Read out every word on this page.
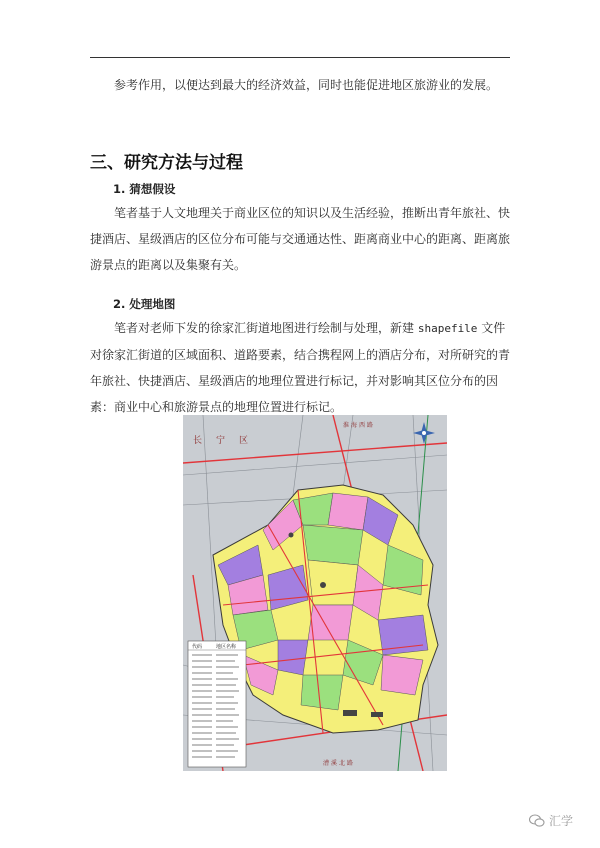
参考作用，以便达到最大的经济效益，同时也能促进地区旅游业的发展。

三、研究方法与过程
1. 猜想假设

笔者基于人文地理关于商业区位的知识以及生活经验，推断出青年旅社、快捷酒店、星级酒店的区位分布可能与交通通达性、距离商业中心的距离、距离旅游景点的距离以及集聚有关。

2. 处理地图

笔者对老师下发的徐家汇街道地图进行绘制与处理，新建 shapefile 文件对徐家汇街道的区域面积、道路要素，结合携程网上的酒店分布，对所研究的青年旅社、快捷酒店、星级酒店的地理位置进行标记，并对影响其区位分布的因素：商业中心和旅游景点的地理位置进行标记。

代码	地区名称
长宁区
淮海西路
漕溪北路
汇学
